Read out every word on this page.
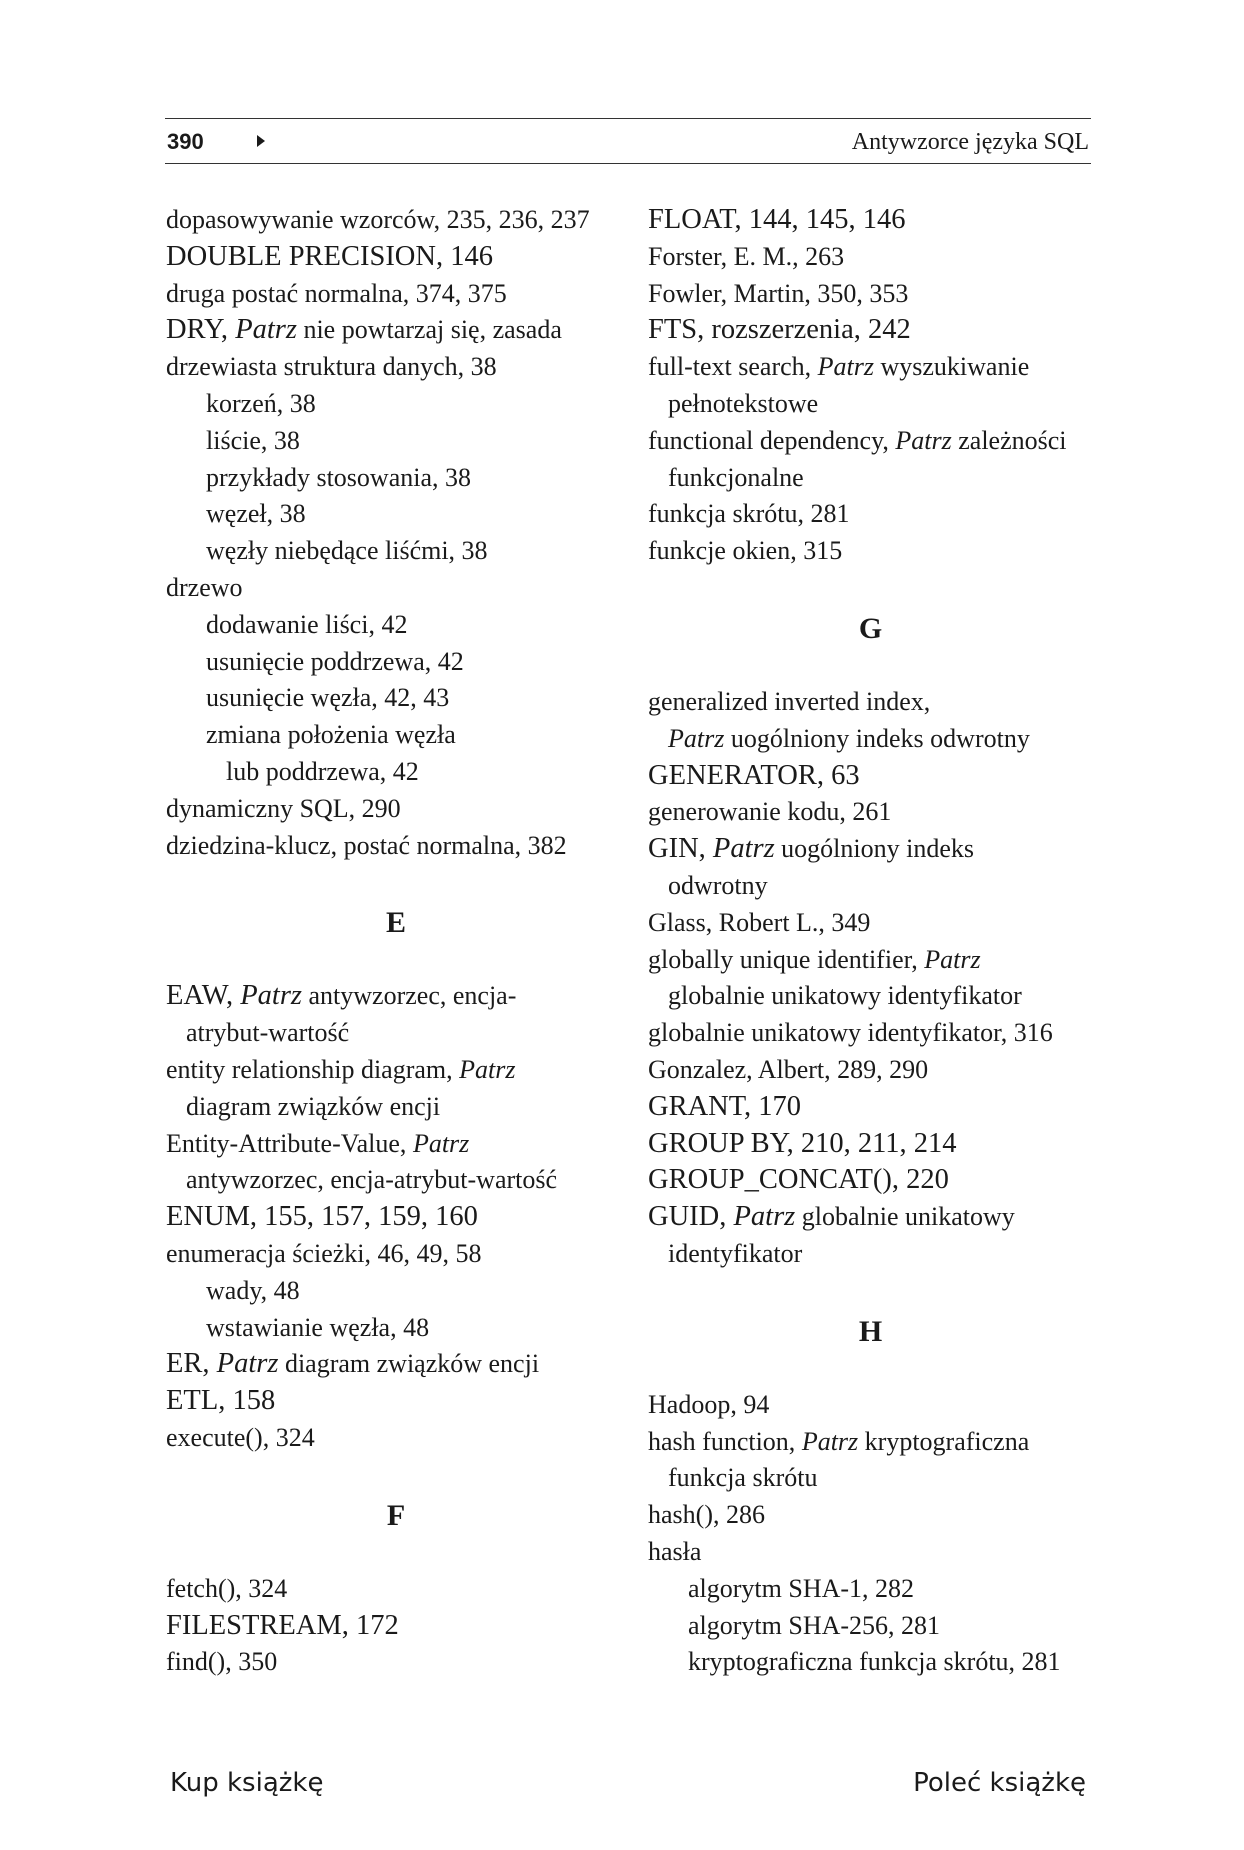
390	Antywzorce języka SQL
dopasowywanie wzorców, 235, 236, 237
DOUBLE PRECISION, 146
druga postać normalna, 374, 375
DRY, Patrz nie powtarzaj się, zasada
drzewiasta struktura danych, 38
korzeń, 38
liście, 38
przykłady stosowania, 38
węzeł, 38
węzły niebędące liśćmi, 38
drzewo
dodawanie liści, 42
usunięcie poddrzewa, 42
usunięcie węzła, 42, 43
zmiana położenia węzła
lub poddrzewa, 42
dynamiczny SQL, 290
dziedzina-klucz, postać normalna, 382
E
EAW, Patrz antywzorzec, encja-
atrybut-wartość
entity relationship diagram, Patrz
diagram związków encji
Entity-Attribute-Value, Patrz
antywzorzec, encja-atrybut-wartość
ENUM, 155, 157, 159, 160
enumeracja ścieżki, 46, 49, 58
wady, 48
wstawianie węzła, 48
ER, Patrz diagram związków encji
ETL, 158
execute(), 324
F
fetch(), 324
FILESTREAM, 172
find(), 350
FLOAT, 144, 145, 146
Forster, E. M., 263
Fowler, Martin, 350, 353
FTS, rozszerzenia, 242
full-text search, Patrz wyszukiwanie
pełnotekstowe
functional dependency, Patrz zależności
funkcjonalne
funkcja skrótu, 281
funkcje okien, 315
G
generalized inverted index,
Patrz uogólniony indeks odwrotny
GENERATOR, 63
generowanie kodu, 261
GIN, Patrz uogólniony indeks
odwrotny
Glass, Robert L., 349
globally unique identifier, Patrz
globalnie unikatowy identyfikator
globalnie unikatowy identyfikator, 316
Gonzalez, Albert, 289, 290
GRANT, 170
GROUP BY, 210, 211, 214
GROUP_CONCAT(), 220
GUID, Patrz globalnie unikatowy
identyfikator
H
Hadoop, 94
hash function, Patrz kryptograficzna
funkcja skrótu
hash(), 286
hasła
algorytm SHA-1, 282
algorytm SHA-256, 281
kryptograficzna funkcja skrótu, 281
Kup książkę	Poleć książkę
